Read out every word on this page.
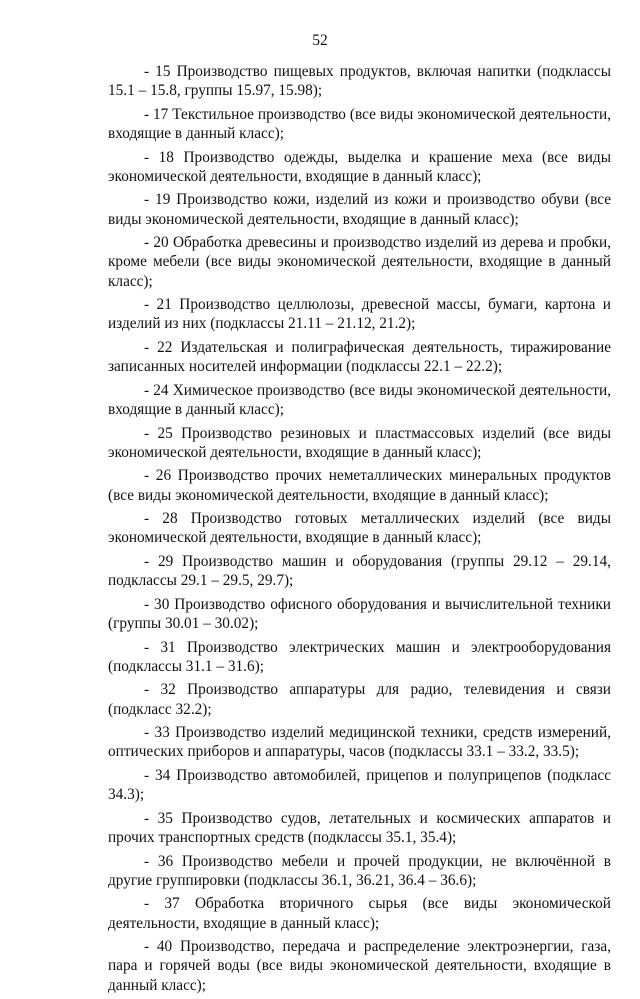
52

- 15 Производство пищевых продуктов, включая напитки (подклассы 15.1 – 15.8, группы 15.97, 15.98);

- 17 Текстильное производство (все виды экономической деятельности, входящие в данный класс);

- 18 Производство одежды, выделка и крашение меха (все виды экономической деятельности, входящие в данный класс);

- 19 Производство кожи, изделий из кожи и производство обуви (все виды экономической деятельности, входящие в данный класс);

- 20 Обработка древесины и производство изделий из дерева и пробки, кроме мебели (все виды экономической деятельности, входящие в данный класс);

- 21 Производство целлюлозы, древесной массы, бумаги, картона и изделий из них (подклассы 21.11 – 21.12, 21.2);

- 22 Издательская и полиграфическая деятельность, тиражирование записанных носителей информации (подклассы 22.1 – 22.2);

- 24 Химическое производство (все виды экономической деятельности, входящие в данный класс);

- 25 Производство резиновых и пластмассовых изделий (все виды экономической деятельности, входящие в данный класс);

- 26 Производство прочих неметаллических минеральных продуктов (все виды экономической деятельности, входящие в данный класс);

- 28 Производство готовых металлических изделий (все виды экономической деятельности, входящие в данный класс);

- 29 Производство машин и оборудования (группы 29.12 – 29.14, подклассы 29.1 – 29.5, 29.7);

- 30 Производство офисного оборудования и вычислительной техники (группы 30.01 – 30.02);

- 31 Производство электрических машин и электрооборудования (подклассы 31.1 – 31.6);

- 32 Производство аппаратуры для радио, телевидения и связи (подкласс 32.2);

- 33 Производство изделий медицинской техники, средств измерений, оптических приборов и аппаратуры, часов (подклассы 33.1 – 33.2, 33.5);

- 34 Производство автомобилей, прицепов и полуприцепов (подкласс 34.3);

- 35 Производство судов, летательных и космических аппаратов и прочих транспортных средств (подклассы 35.1, 35.4);

- 36 Производство мебели и прочей продукции, не включённой в другие группировки (подклассы 36.1, 36.21, 36.4 – 36.6);

- 37 Обработка вторичного сырья (все виды экономической деятельности, входящие в данный класс);

- 40 Производство, передача и распределение электроэнергии, газа, пара и горячей воды (все виды экономической деятельности, входящие в данный класс);
